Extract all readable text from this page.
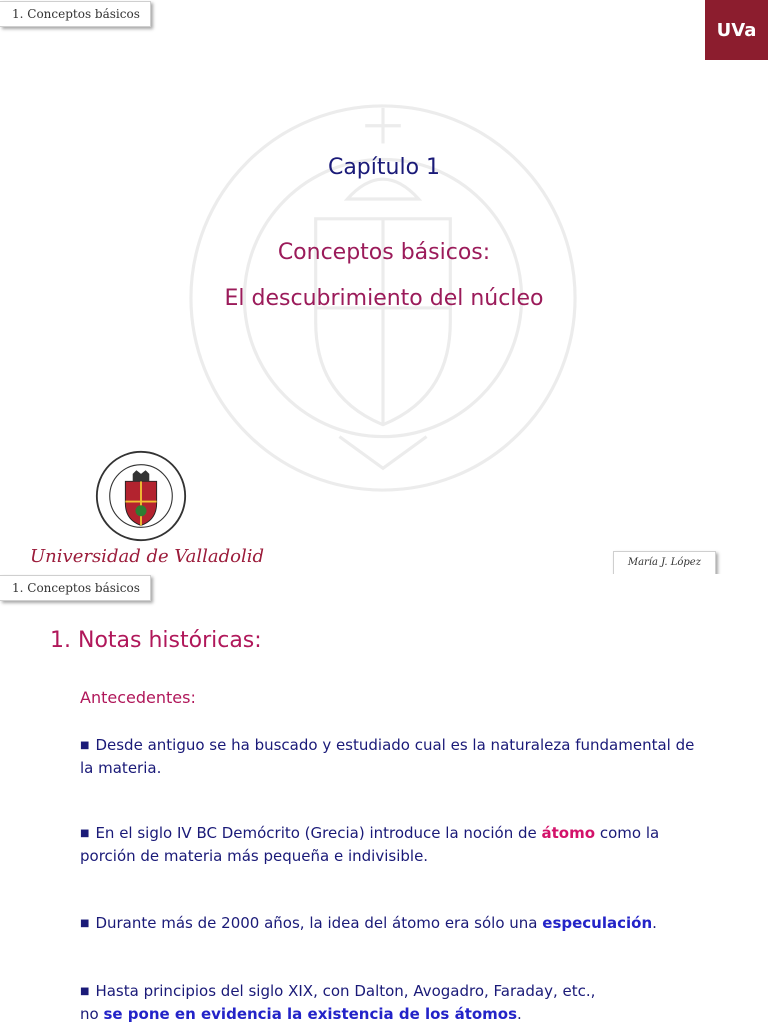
1. Conceptos básicos
UVa
Capítulo 1
Conceptos básicos:
El descubrimiento del núcleo
Universidad de Valladolid	María J. López
1. Conceptos básicos
1. Notas históricas:
Antecedentes:
■ Desde antiguo se ha buscado y estudiado cual es la naturaleza fundamental de la materia.
■ En el siglo IV BC Demócrito (Grecia) introduce la noción de átomo como la porción de materia más pequeña e indivisible.
■ Durante más de 2000 años, la idea del átomo era sólo una especulación.
■ Hasta principios del siglo XIX, con Dalton, Avogadro, Faraday, etc.,
no se pone en evidencia la existencia de los átomos.
